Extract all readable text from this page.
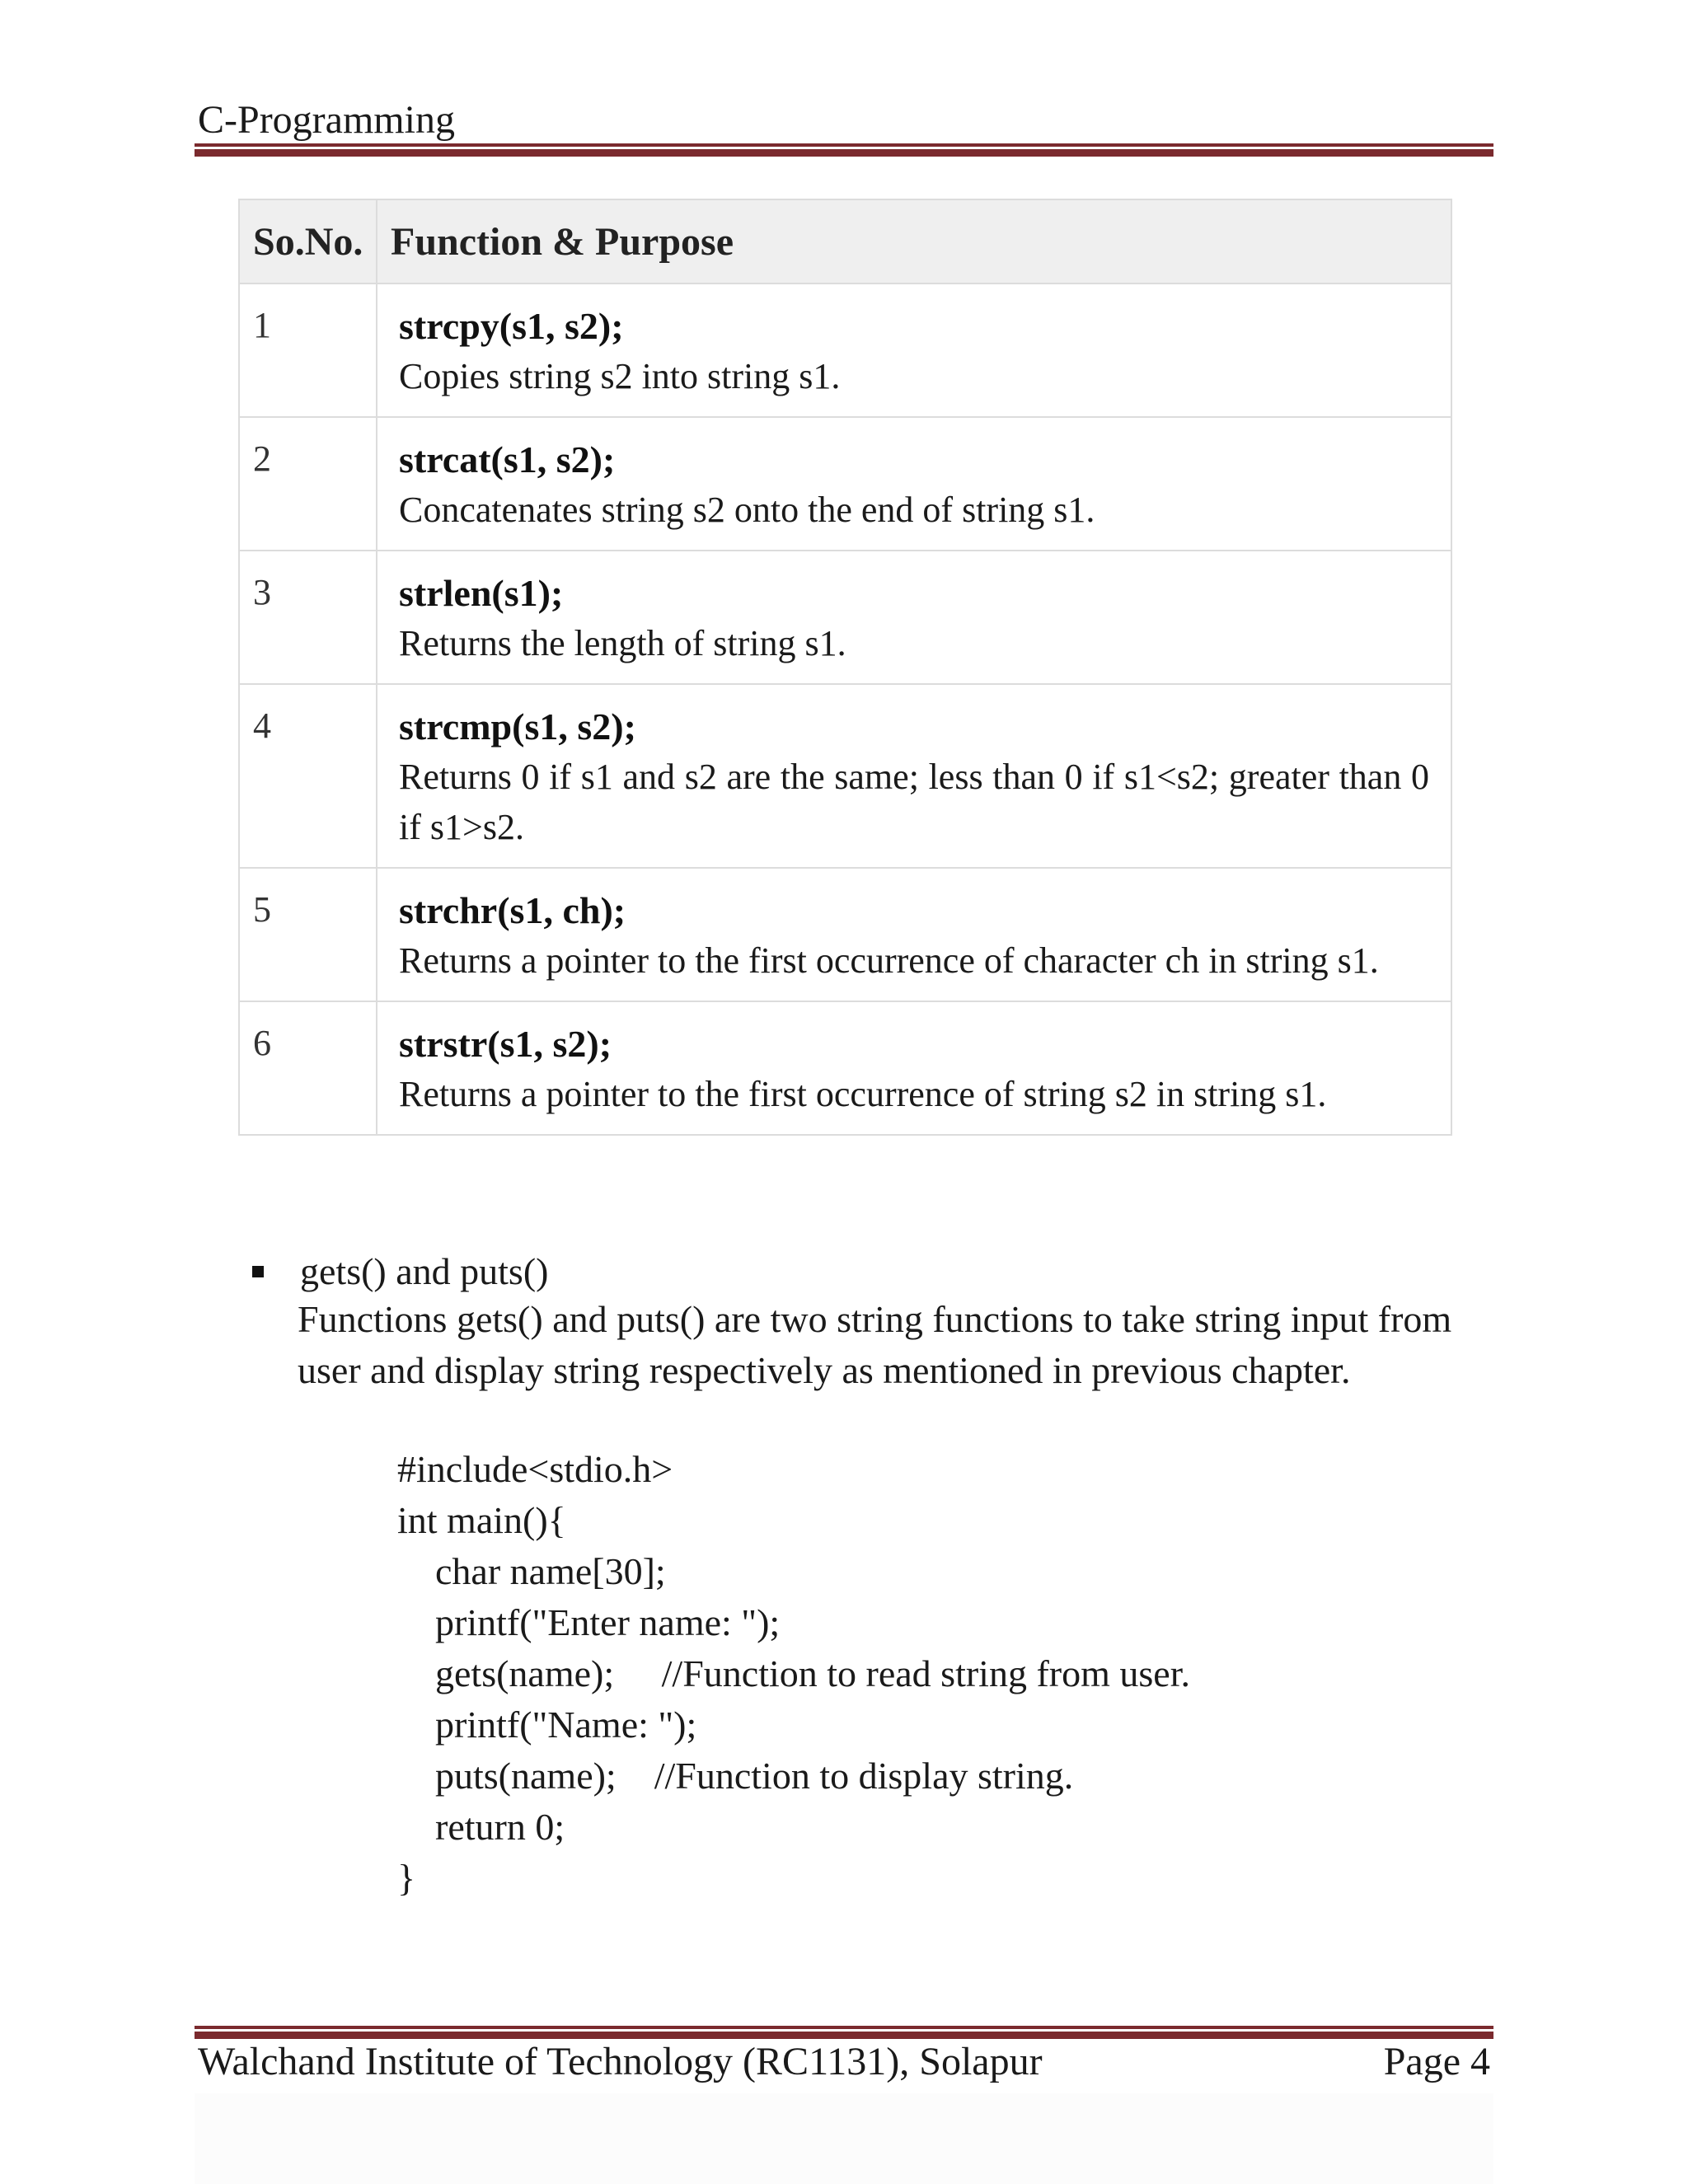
C-Programming
So.No.	Function & Purpose
1	strcpy(s1, s2);
Copies string s2 into string s1.

2	strcat(s1, s2);
Concatenates string s2 onto the end of string s1.

3	strlen(s1);
Returns the length of string s1.

4	strcmp(s1, s2);
Returns 0 if s1 and s2 are the same; less than 0 if s1<s2; greater than 0 if s1>s2.

5	strchr(s1, ch);
Returns a pointer to the first occurrence of character ch in string s1.

6	strstr(s1, s2);
Returns a pointer to the first occurrence of string s2 in string s1.
gets() and puts()

Functions gets() and puts() are two string functions to take string input from

user and display string respectively as mentioned in previous chapter.

#include<stdio.h>
int main(){
char name[30];
printf("Enter name: ");
gets(name);     //Function to read string from user.
printf("Name: ");
puts(name);    //Function to display string.
return 0;
}
Walchand Institute of Technology (RC1131), Solapur	Page 4
